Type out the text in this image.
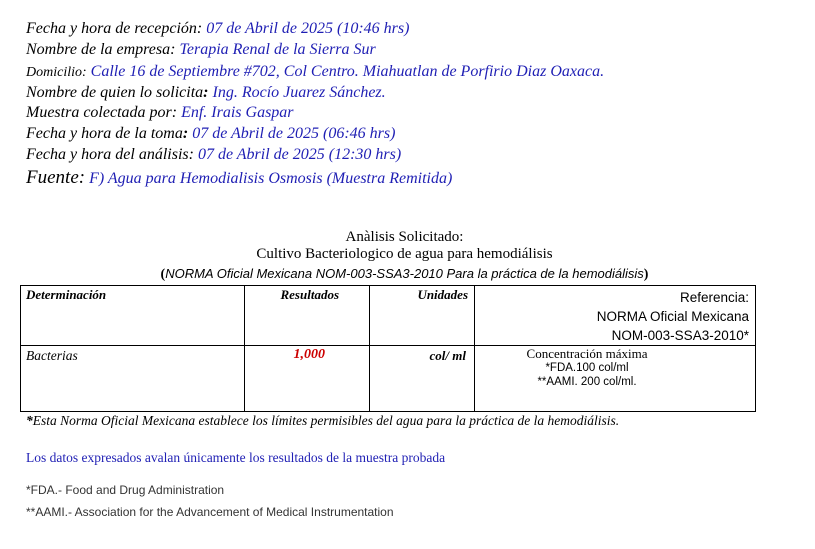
Fecha y hora de recepción: 07 de Abril de 2025 (10:46 hrs)
Nombre de la empresa: Terapia Renal de la Sierra Sur
Domicilio: Calle 16 de Septiembre #702, Col Centro. Miahuatlan de Porfirio Diaz Oaxaca.
Nombre de quien lo solicita: Ing. Rocío Juarez Sánchez.
Muestra colectada por: Enf. Irais Gaspar
Fecha y hora de la toma: 07 de Abril de 2025 (06:46 hrs)
Fecha y hora del análisis: 07 de Abril de 2025 (12:30 hrs)
Fuente: F) Agua para Hemodialisis Osmosis (Muestra Remitida)
Anàlisis Solicitado:
Cultivo Bacteriologico de agua para hemodiálisis
(NORMA Oficial Mexicana NOM-003-SSA3-2010 Para la práctica de la hemodiálisis)
Determinación	Resultados	Unidades	Referencia:
NORMA Oficial Mexicana
NOM-003-SSA3-2010*

Bacterias	1,000	col/ ml	Concentración máxima
*FDA.100 col/ml
**AAMI. 200 col/ml.
*Esta Norma Oficial Mexicana establece los límites permisibles del agua para la práctica de la hemodiálisis.
Los datos expresados avalan únicamente los resultados de la muestra probada
*FDA.- Food and Drug Administration
**AAMI.- Association for the Advancement of Medical Instrumentation
